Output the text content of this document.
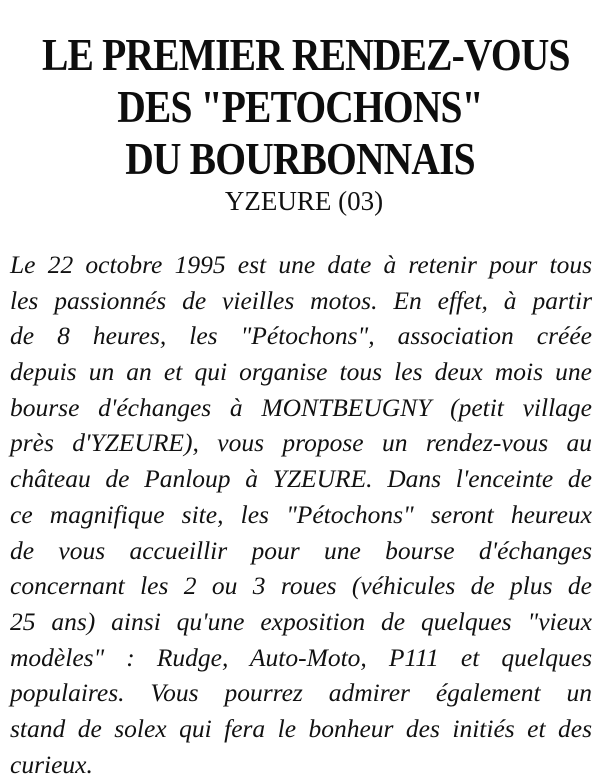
LE PREMIER RENDEZ-VOUS
DES "PETOCHONS"
DU BOURBONNAIS
YZEURE (03)
Le 22 octobre 1995 est une date à retenir pour tous
les passionnés de vieilles motos. En effet, à partir
de 8 heures, les "Pétochons", association créée
depuis un an et qui organise tous les deux mois une
bourse d'échanges à MONTBEUGNY (petit village
près d'YZEURE), vous propose un rendez-vous au
château de Panloup à YZEURE. Dans l'enceinte de
ce magnifique site, les "Pétochons" seront heureux
de vous accueillir pour une bourse d'échanges
concernant les 2 ou 3 roues (véhicules de plus de
25 ans) ainsi qu'une exposition de quelques "vieux
modèles" : Rudge, Auto-Moto, P111 et quelques
populaires. Vous pourrez admirer également un
stand de solex qui fera le bonheur des initiés et des
curieux.
